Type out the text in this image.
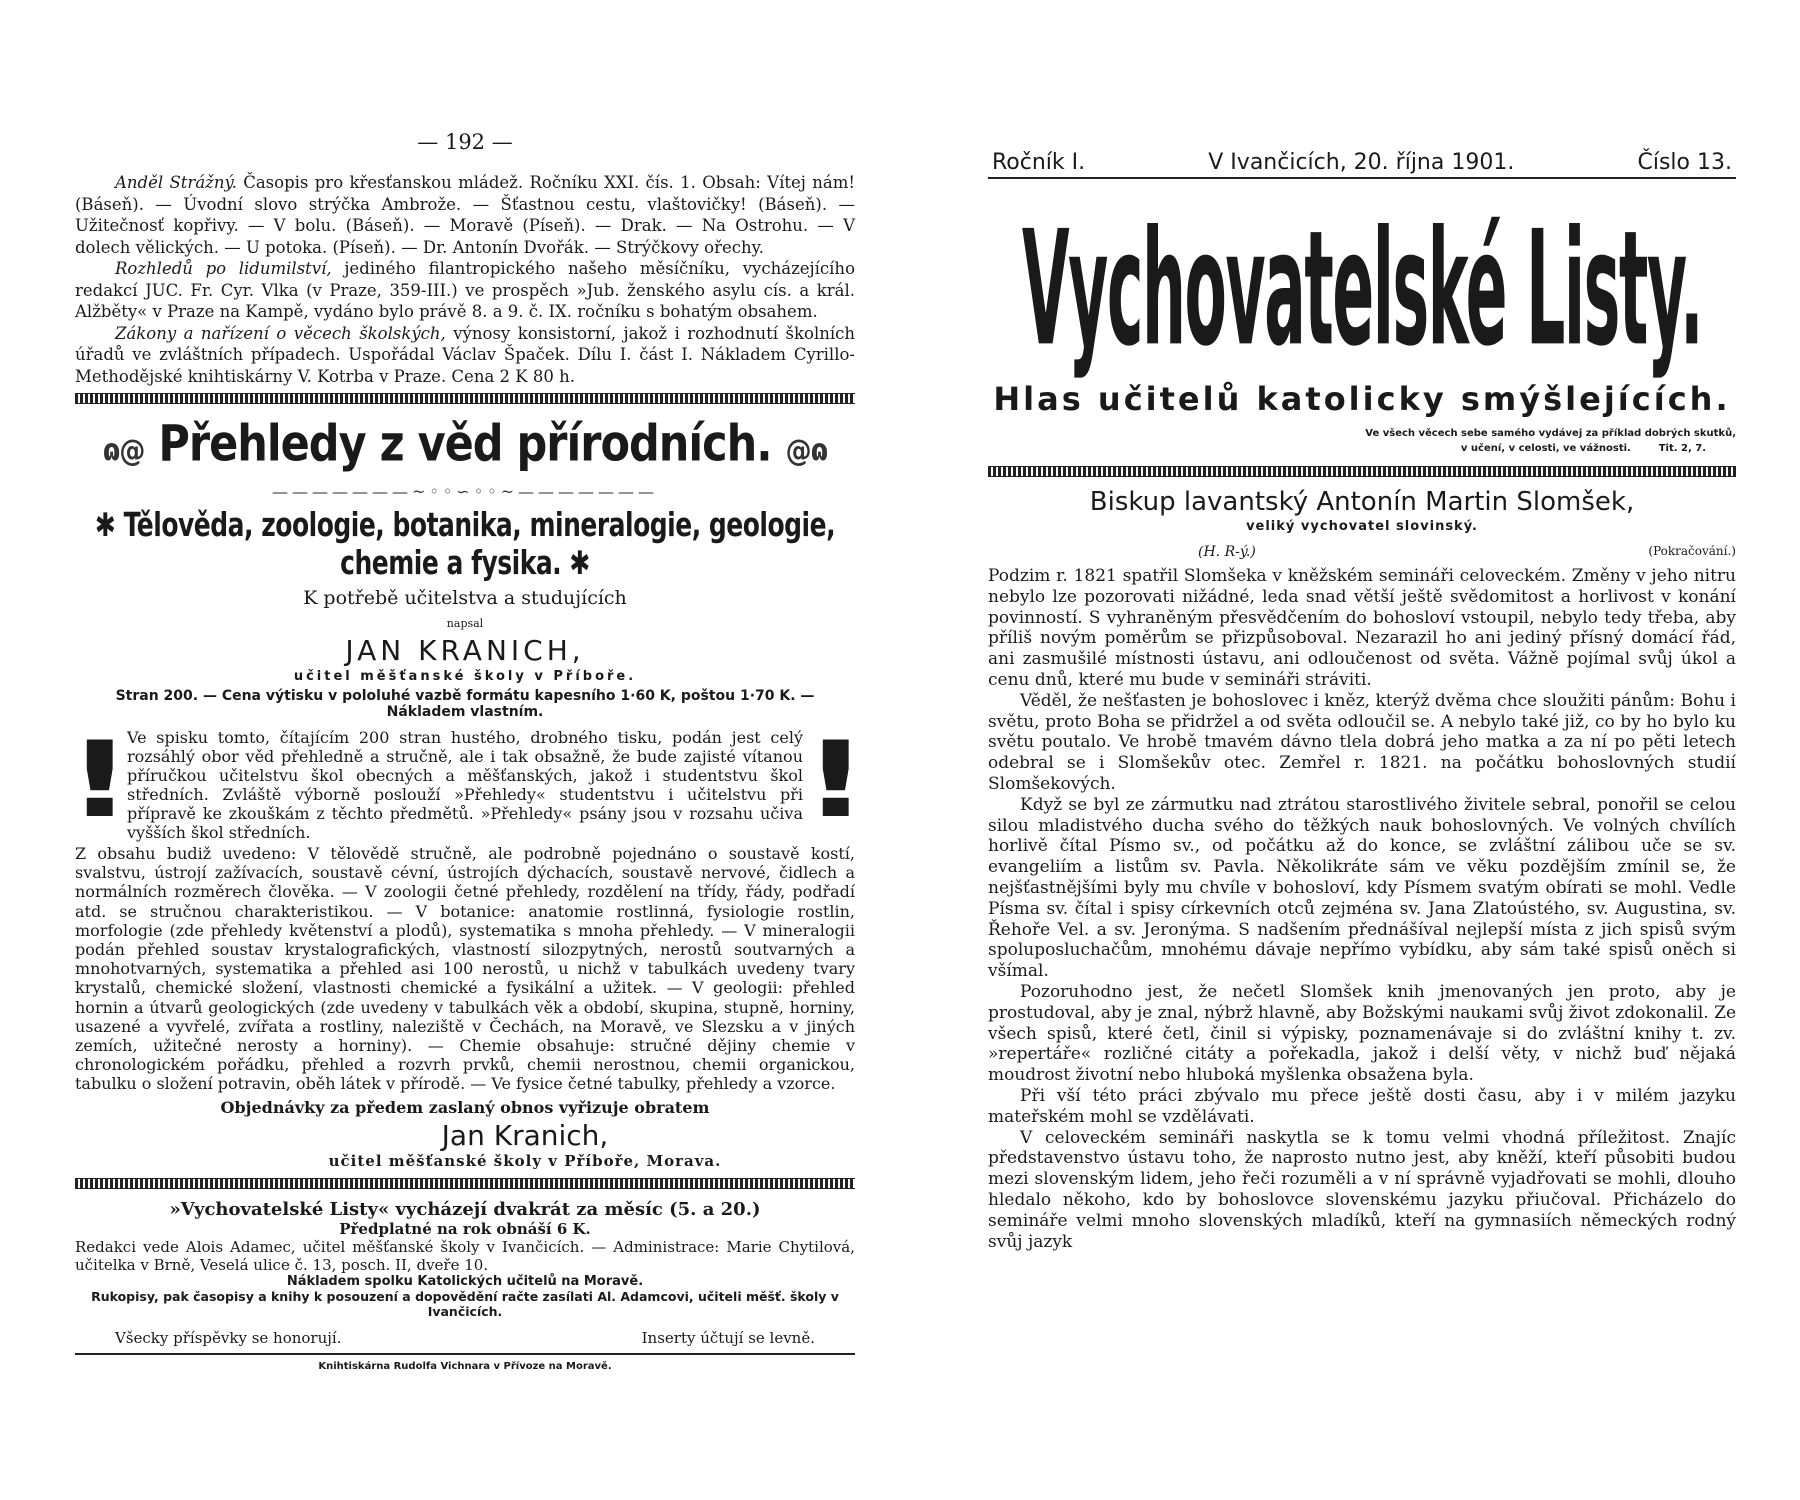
— 192 —

Anděl Strážný. Časopis pro křesťanskou mládež. Ročníku XXI. čís. 1. Obsah: Vítej nám! (Báseň). — Úvodní slovo strýčka Ambrože. — Šťastnou cestu, vlaštovičky! (Báseň). — Užitečnosť kopřivy. — V bolu. (Báseň). — Moravě (Píseň). — Drak. — Na Ostrohu. — V dolech vělických. — U potoka. (Píseň). — Dr. Antonín Dvořák. — Strýčkovy ořechy.

Rozhledů po lidumilství, jediného filantropického našeho měsíčníku, vycházejícího redakcí JUC. Fr. Cyr. Vlka (v Praze, 359-III.) ve prospěch »Jub. ženského asylu cís. a král. Alžběty« v Praze na Kampě, vydáno bylo právě 8. a 9. č. IX. ročníku s bohatým obsahem.

Zákony a nařízení o věcech školských, výnosy konsistorní, jakož i rozhodnutí školních úřadů ve zvláštních případech. Uspořádal Václav Špaček. Dílu I. část I. Nákladem Cyrillo-Methodějské knihtiskárny V. Kotrba v Praze. Cena 2 K 80 h.

ɷ@ Přehledy z věd přírodních. @ɷ
———————~◦◦∽◦◦~———————
✱ Tělověda, zoologie, botanika, mineralogie, geologie, chemie a fysika. ✱
K potřebě učitelstva a studujících
napsal
JAN KRANICH,
učitel měšťanské školy v Příboře.
Stran 200. — Cena výtisku v pololuhé vazbě formátu kapesního 1·60 K, poštou 1·70 K. — Nákladem vlastním.
!
Ve spisku tomto, čítajícím 200 stran hustého, drobného tisku, podán jest celý rozsáhlý obor věd přehledně a stručně, ale i tak obsažně, že bude zajisté vítanou příručkou učitelstvu škol obecných a měšťanských, jakož i studentstvu škol středních. Zvláště výborně poslouží »Přehledy« studentstvu i učitelstvu při přípravě ke zkouškám z těchto předmětů. »Přehledy« psány jsou v rozsahu učiva vyšších škol středních.	!
Z obsahu budiž uvedeno: V tělovědě stručně, ale podrobně pojednáno o soustavě kostí, svalstvu, ústrojí zažívacích, soustavě cévní, ústrojích dýchacích, soustavě nervové, čidlech a normálních rozměrech člověka. — V zoologii četné přehledy, rozdělení na třídy, řády, podřadí atd. se stručnou charakteristikou. — V botanice: anatomie rostlinná, fysiologie rostlin, morfologie (zde přehledy květenství a plodů), systematika s mnoha přehledy. — V mineralogii podán přehled soustav krystalografických, vlastností silozpytných, nerostů soutvarných a mnohotvarných, systematika a přehled asi 100 nerostů, u nichž v tabulkách uvedeny tvary krystalů, chemické složení, vlastnosti chemické a fysikální a užitek. — V geologii: přehled hornin a útvarů geologických (zde uvedeny v tabulkách věk a období, skupina, stupně, horniny, usazené a vyvřelé, zvířata a rostliny, naleziště v Čechách, na Moravě, ve Slezsku a v jiných zemích, užitečné nerosty a horniny). — Chemie obsahuje: stručné dějiny chemie v chronologickém pořádku, přehled a rozvrh prvků, chemii nerostnou, chemii organickou, tabulku o složení potravin, oběh látek v přírodě. — Ve fysice četné tabulky, přehledy a vzorce.
Objednávky za předem zaslaný obnos vyřizuje obratem
Jan Kranich,
učitel měšťanské školy v Příboře, Morava.
»Vychovatelské Listy« vycházejí dvakrát za měsíc (5. a 20.)
Předplatné na rok obnáší 6 K.
Redakci vede Alois Adamec, učitel měšťanské školy v Ivančicích. — Administrace: Marie Chytilová, učitelka v Brně, Veselá ulice č. 13, posch. II, dveře 10.
Nákladem spolku Katolických učitelů na Moravě.
Rukopisy, pak časopisy a knihy k posouzení a dopovědění račte zasílati Al. Adamcovi, učiteli měšť. školy v Ivančicích.
Všecky příspěvky se honorují.	Inserty účtují se levně.
Knihtiskárna Rudolfa Vichnara v Přívoze na Moravě.
Ročník I.	V Ivančicích, 20. října 1901.	Číslo 13.
Vychovatelské Listy.
Hlas učitelů katolicky smýšlejících.
Ve všech věcech sebe samého vydávej za příklad dobrých skutků,
v učení, v celosti, ve vážnosti.        Tit. 2, 7.
Biskup lavantský Antonín Martin Slomšek,
veliký vychovatel slovinský.
(H. R-ý.)	(Pokračování.)

Podzim r. 1821 spatřil Slomšeka v kněžském semináři celoveckém. Změny v jeho nitru nebylo lze pozorovati nižádné, leda snad větší ještě svědomitost a horlivost v konání povinností. S vyhraněným přesvědčením do bohosloví vstoupil, nebylo tedy třeba, aby příliš novým poměrům se přizpůsoboval. Nezarazil ho ani jediný přísný domácí řád, ani zasmušilé místnosti ústavu, ani odloučenost od světa. Vážně pojímal svůj úkol a cenu dnů, které mu bude v semináři stráviti.

Věděl, že nešťasten je bohoslovec i kněz, kterýž dvěma chce sloužiti pánům: Bohu i světu, proto Boha se přidržel a od světa odloučil se. A nebylo také již, co by ho bylo ku světu poutalo. Ve hrobě tmavém dávno tlela dobrá jeho matka a za ní po pěti letech odebral se i Slomšekův otec. Zemřel r. 1821. na počátku bohoslovných studií Slomšekových.

Když se byl ze zármutku nad ztrátou starostlivého živitele sebral, ponořil se celou silou mladistvého ducha svého do těžkých nauk bohoslovných. Ve volných chvílích horlivě čítal Písmo sv., od počátku až do konce, se zvláštní zálibou uče se sv. evangeliím a listům sv. Pavla. Několikráte sám ve věku pozdějším zmínil se, že nejšťastnějšími byly mu chvíle v bohosloví, kdy Písmem svatým obírati se mohl. Vedle Písma sv. čítal i spisy církevních otců zejména sv. Jana Zlatoústého, sv. Augustina, sv. Řehoře Vel. a sv. Jeronýma. S nadšením přednášíval nejlepší místa z jich spisů svým spoluposluchačům, mnohému dávaje nepřímo vybídku, aby sám také spisů oněch si všímal.

Pozoruhodno jest, že nečetl Slomšek knih jmenovaných jen proto, aby je prostudoval, aby je znal, nýbrž hlavně, aby Božskými naukami svůj život zdokonalil. Ze všech spisů, které četl, činil si výpisky, poznamenávaje si do zvláštní knihy t. zv. »repertáře« rozličné citáty a pořekadla, jakož i delší věty, v nichž buď nějaká moudrost životní nebo hluboká myšlenka obsažena byla.

Při vší této práci zbývalo mu přece ještě dosti času, aby i v milém jazyku mateřském mohl se vzdělávati.

V celoveckém semináři naskytla se k tomu velmi vhodná příležitost. Znajíc představenstvo ústavu toho, že naprosto nutno jest, aby kněží, kteří působiti budou mezi slovenským lidem, jeho řeči rozuměli a v ní správně vyjadřovati se mohli, dlouho hledalo někoho, kdo by bohoslovce slovenskému jazyku přiučoval. Přicházelo do semináře velmi mnoho slovenských mladíků, kteří na gymnasiích německých rodný svůj jazyk
